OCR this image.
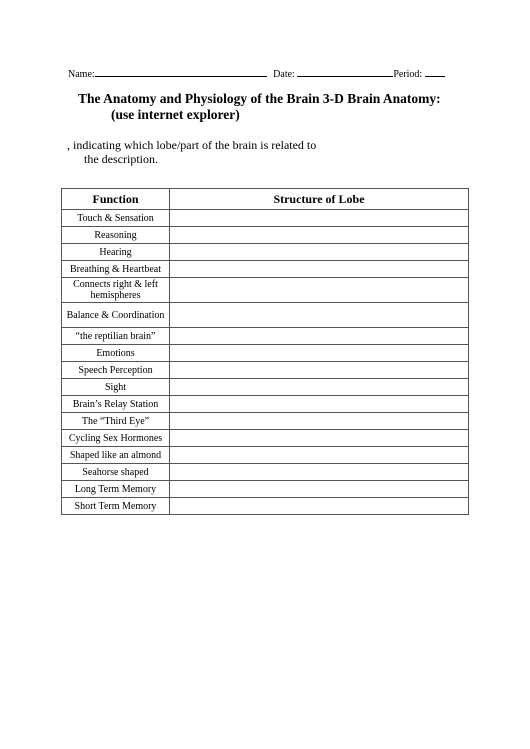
Name:	Date:	Period:
The Anatomy and Physiology of the Brain 3-D Brain Anatomy:
(use internet explorer)
, indicating which lobe/part of the brain is related to
the description.
Function	Structure of Lobe
Touch & Sensation	
Reasoning	
Hearing	
Breathing & Heartbeat	
Connects right & left hemispheres	
Balance & Coordination	
“the reptilian brain”	
Emotions	
Speech Perception	
Sight	
Brain’s Relay Station	
The “Third Eye”	
Cycling Sex Hormones	
Shaped like an almond	
Seahorse shaped	
Long Term Memory	
Short Term Memory	
